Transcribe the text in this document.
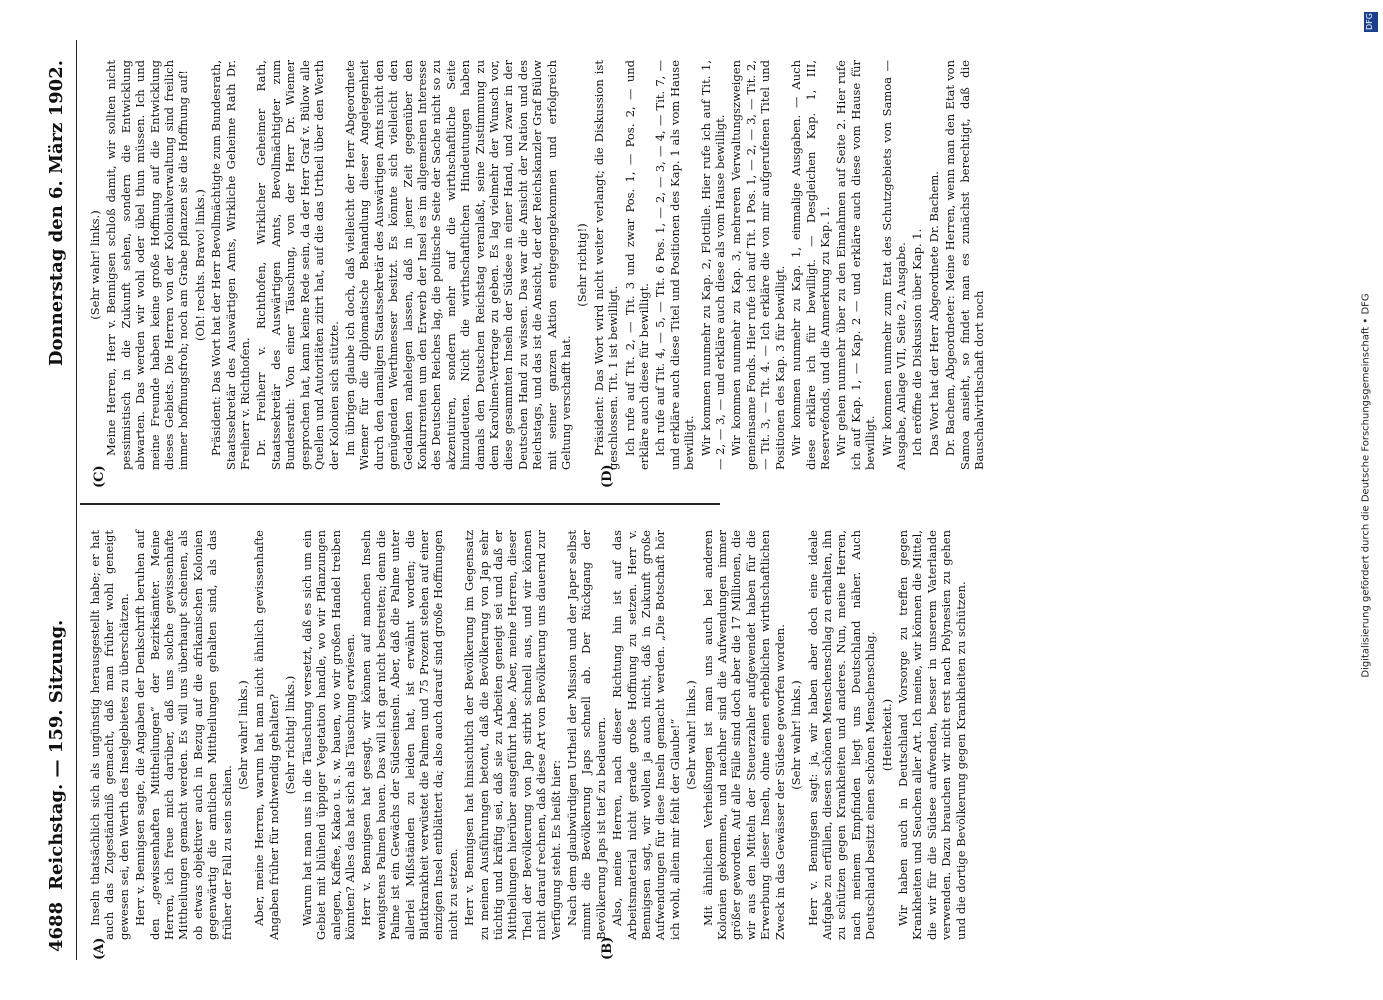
4688
Reichstag. — 159. Sitzung.
Donnerstag den 6. März 1902.
(A)	(B)
(C)	(D)

Inseln thatsächlich sich als ungünstig herausgestellt habe; er hat auch das Zugeständniß gemacht, daß man früher wohl geneigt gewesen sei, den Werth des Inselgebietes zu überschätzen. Herr v. Bennigsen sagte, die Angaben der Denkschrift beruhen auf den „gewissenhaften Mittheilungen“ der Bezirksämter. Meine Herren, ich freue mich darüber, daß uns solche gewissenhafte Mittheilungen gemacht werden. Es will uns überhaupt scheinen, als ob etwas objektiver auch in Bezug auf die afrikanischen Kolonien gegenwärtig die amtlichen Mittheilungen gehalten sind, als das früher der Fall zu sein schien.

(Sehr wahr! links.) Aber, meine Herren, warum hat man nicht ähnlich gewissenhafte Angaben früher für nothwendig gehalten? (Sehr richtig! links.) Warum hat man uns in die Täuschung versetzt, daß es sich um ein Gebiet mit blühend üppiger Vegetation handle, wo wir Pflanzungen anlegen, Kaffee, Kakao u. s. w. bauen, wo wir großen Handel treiben könnten? Alles das hat sich als Täuschung erwiesen. Herr v. Bennigsen hat gesagt, wir können auf manchen Inseln wenigstens Palmen bauen. Das will ich gar nicht bestreiten; denn die Palme ist ein Gewächs der Südseeinseln. Aber, daß die Palme unter allerlei Mißständen zu leiden hat, ist erwähnt worden; die Blattkrankheit verwüstet die Palmen und 75 Prozent stehen auf einer einzigen Insel entblättert da; also auch darauf sind große Hoffnungen nicht zu setzen. Herr v. Bennigsen hat hinsichtlich der Bevölkerung im Gegensatz zu meinen Ausführungen betont, daß die Bevölkerung von Jap sehr tüchtig und kräftig sei, daß sie zu Arbeiten geneigt sei und daß er Mittheilungen hierüber ausgeführt habe. Aber, meine Herren, dieser Theil der Bevölkerung von Jap stirbt schnell aus, und wir können nicht darauf rechnen, daß diese Art von Bevölkerung uns dauernd zur Verfügung steht. Es heißt hier: Nach dem glaubwürdigen Urtheil der Mission und der Japer selbst nimmt die Bevölkerung Japs schnell ab. Der Rückgang der Bevölkerung Japs ist tief zu bedauern. Also, meine Herren, nach dieser Richtung hin ist auf das Arbeitsmaterial nicht gerade große Hoffnung zu setzen. Herr v. Bennigsen sagt, wir wollen ja auch nicht, daß in Zukunft große Aufwendungen für diese Inseln gemacht werden. „Die Botschaft hör ich wohl, allein mir fehlt der Glaube!“ (Sehr wahr! links.) Mit ähnlichen Verheißungen ist man uns auch bei anderen Kolonien gekommen, und nachher sind die Aufwendungen immer größer geworden. Auf alle Fälle sind doch aber die 17 Millionen, die wir aus den Mitteln der Steuerzahler aufgewendet haben für die Erwerbung dieser Inseln, ohne einen erheblichen wirthschaftlichen Zweck in das Gewässer der Südsee geworfen worden. (Sehr wahr! links.) Herr v. Bennigsen sagt: ja, wir haben aber doch eine ideale Aufgabe zu erfüllen, diesen schönen Menschenschlag zu erhalten, ihn zu schützen gegen Krankheiten und anderes. Nun, meine Herren, nach meinem Empfinden liegt uns Deutschland näher. Auch Deutschland besitzt einen schönen Menschenschlag. (Heiterkeit.) Wir haben auch in Deutschland Vorsorge zu treffen gegen Krankheiten und Seuchen aller Art. Ich meine, wir können die Mittel, die wir für die Südsee aufwenden, besser in unserem Vaterlande verwenden. Dazu brauchen wir nicht erst nach Polynesien zu gehen und die dortige Bevölkerung gegen Krankheiten zu schützen.

(Sehr wahr! links.) Meine Herren, Herr v. Bennigsen schloß damit, wir sollten nicht pessimistisch in die Zukunft sehen, sondern die Entwicklung abwarten. Das werden wir wohl oder übel thun müssen. Ich und meine Freunde haben keine große Hoffnung auf die Entwicklung dieses Gebiets. Die Herren von der Kolonialverwaltung sind freilich immer hoffnungsfroh; noch am Grabe pflanzen sie die Hoffnung auf! (Oh! rechts. Bravo! links.) Präsident: Das Wort hat der Herr Bevollmächtigte zum Bundesrath, Staatssekretär des Auswärtigen Amts, Wirkliche Geheime Rath Dr. Freiherr v. Richthofen. Dr. Freiherr v. Richthofen, Wirklicher Geheimer Rath, Staatssekretär des Auswärtigen Amts, Bevollmächtigter zum Bundesrath: Von einer Täuschung, von der Herr Dr. Wiemer gesprochen hat, kann keine Rede sein, da der Herr Graf v. Bülow alle Quellen und Autoritäten zitirt hat, auf die das Urtheil über den Werth der Kolonien sich stützte. Im übrigen glaube ich doch, daß vielleicht der Herr Abgeordnete Wiemer für die diplomatische Behandlung dieser Angelegenheit durch den damaligen Staatssekretär des Auswärtigen Amts nicht den genügenden Werthmesser besitzt. Es könnte sich vielleicht den Gedanken nahelegen lassen, daß in jener Zeit gegenüber den Konkurrenten um den Erwerb der Insel es im allgemeinen Interesse des Deutschen Reiches lag, die politische Seite der Sache nicht so zu akzentuiren, sondern mehr auf die wirthschaftliche Seite hinzudeuten. Nicht die wirthschaftlichen Hindeutungen haben damals den Deutschen Reichstag veranlaßt, seine Zustimmung zu dem Karolinen-Vertrage zu geben. Es lag vielmehr der Wunsch vor, diese gesammten Inseln der Südsee in einer Hand, und zwar in der Deutschen Hand zu wissen. Das war die Ansicht der Nation und des Reichstags, und das ist die Ansicht, der der Reichskanzler Graf Bülow mit seiner ganzen Aktion entgegengekommen und erfolgreich Geltung verschafft hat.

(Sehr richtig!) Präsident: Das Wort wird nicht weiter verlangt; die Diskussion ist geschlossen. Tit. 1 ist bewilligt. Ich rufe auf Tit. 2, — Tit. 3 und zwar Pos. 1, — Pos. 2, — und erkläre auch diese für bewilligt. Ich rufe auf Tit. 4, — 5, — Tit. 6 Pos. 1, — 2, — 3, — 4, — Tit. 7, — und erkläre auch diese Titel und Positionen des Kap. 1 als vom Hause bewilligt. Wir kommen nunmehr zu Kap. 2, Flottille. Hier rufe ich auf Tit. 1, — 2, — 3, — und erkläre auch diese als vom Hause bewilligt. Wir kommen nunmehr zu Kap. 3, mehreren Verwaltungszweigen gemeinsame Fonds. Hier rufe ich auf Tit. 1 Pos. 1, — 2, — 3, — Tit. 2, — Tit. 3, — Tit. 4. — Ich erkläre die von mir aufgerufenen Titel und Positionen des Kap. 3 für bewilligt. Wir kommen nunmehr zu Kap. 1, einmalige Ausgaben. — Auch diese erkläre ich für bewilligt. — Desgleichen Kap. 1, III, Reservefonds, und die Anmerkung zu Kap. 1. Wir gehen nunmehr über zu den Einnahmen auf Seite 2. Hier rufe ich auf Kap. 1, — Kap. 2 — und erkläre auch diese vom Hause für bewilligt. Wir kommen nunmehr zum Etat des Schutzgebiets von Samoa — Ausgabe, Anlage VII, Seite 2, Ausgabe. Ich eröffne die Diskussion über Kap. 1. Das Wort hat der Herr Abgeordnete Dr. Bachem. Dr. Bachem, Abgeordneter: Meine Herren, wenn man den Etat von Samoa ansieht, so findet man es zunächst berechtigt, daß die Bauschalwirthschaft dort noch

DFG
Digitalisierung gefördert durch die Deutsche Forschungsgemeinschaft • DFG
